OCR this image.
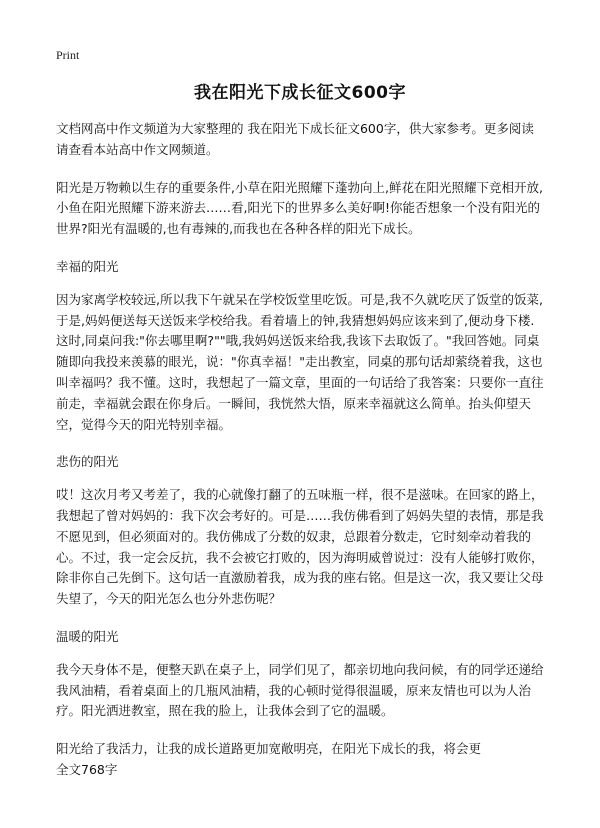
Print
我在阳光下成长征文600字

文档网高中作文频道为大家整理的 我在阳光下成长征文600字，供大家参考。更多阅读请查看本站高中作文网频道。

阳光是万物赖以生存的重要条件,小草在阳光照耀下蓬勃向上,鲜花在阳光照耀下竞相开放,小鱼在阳光照耀下游来游去……看,阳光下的世界多么美好啊!你能否想象一个没有阳光的世界?阳光有温暖的,也有毒辣的,而我也在各种各样的阳光下成长。

幸福的阳光

因为家离学校较远,所以我下午就呆在学校饭堂里吃饭。可是,我不久就吃厌了饭堂的饭菜,于是,妈妈便送每天送饭来学校给我。看着墙上的钟,我猜想妈妈应该来到了,便动身下楼.这时,同桌问我:"你去哪里啊?""哦,我妈妈送饭来给我,我该下去取饭了。"我回答她。同桌随即向我投来羡慕的眼光，说："你真幸福！"走出教室，同桌的那句话却萦绕着我，这也叫幸福吗？我不懂。这时，我想起了一篇文章，里面的一句话给了我答案：只要你一直往前走，幸福就会跟在你身后。一瞬间，我恍然大悟，原来幸福就这么简单。抬头仰望天空，觉得今天的阳光特别幸福。

悲伤的阳光

哎！这次月考又考差了，我的心就像打翻了的五味瓶一样，很不是滋味。在回家的路上，我想起了曾对妈妈的：我下次会考好的。可是……我仿佛看到了妈妈失望的表情，那是我不愿见到，但必须面对的。我仿佛成了分数的奴隶，总跟着分数走，它时刻牵动着我的心。不过，我一定会反抗，我不会被它打败的，因为海明威曾说过：没有人能够打败你，除非你自己先倒下。这句话一直激励着我，成为我的座右铭。但是这一次，我又要让父母失望了，今天的阳光怎么也分外悲伤呢？

温暖的阳光

我今天身体不是，便整天趴在桌子上，同学们见了，都亲切地向我问候，有的同学还递给我风油精，看着桌面上的几瓶风油精，我的心顿时觉得很温暖，原来友情也可以为人治疗。阳光洒进教室，照在我的脸上，让我体会到了它的温暖。

阳光给了我活力，让我的成长道路更加宽敞明亮，在阳光下成长的我，将会更

全文768字
